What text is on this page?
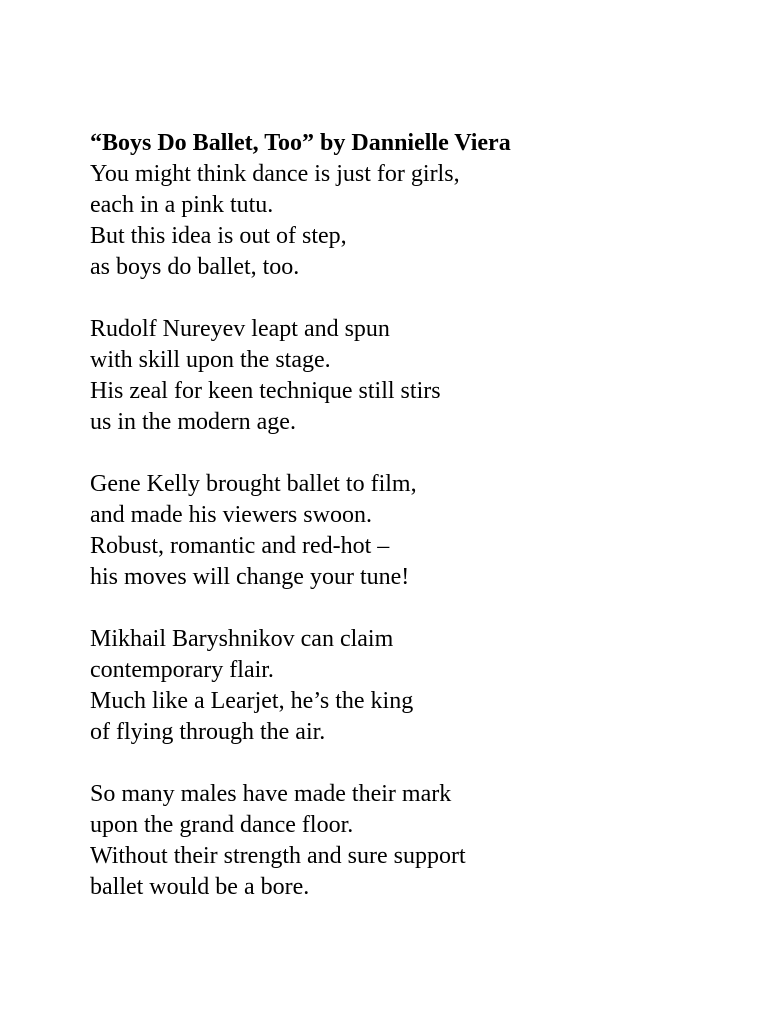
“Boys Do Ballet, Too” by Dannielle Viera
You might think dance is just for girls,
each in a pink tutu.
But this idea is out of step,
as boys do ballet, too.
Rudolf Nureyev leapt and spun
with skill upon the stage.
His zeal for keen technique still stirs
us in the modern age.
Gene Kelly brought ballet to film,
and made his viewers swoon.
Robust, romantic and red-hot –
his moves will change your tune!
Mikhail Baryshnikov can claim
contemporary flair.
Much like a Learjet, he’s the king
of flying through the air.
So many males have made their mark
upon the grand dance floor.
Without their strength and sure support
ballet would be a bore.
